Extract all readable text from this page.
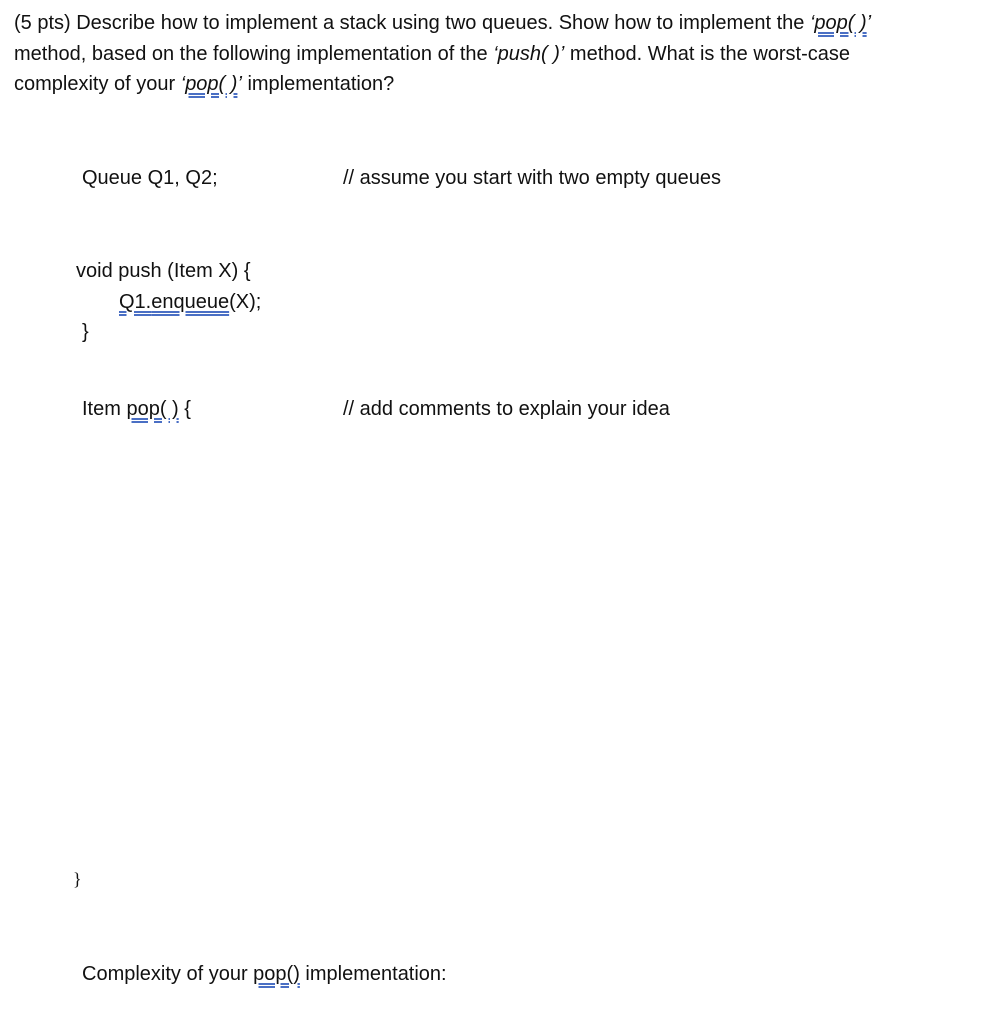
(5 pts) Describe how to implement a stack using two queues. Show how to implement the ‘pop( )’
method, based on the following implementation of the ‘push( )’ method. What is the worst-case
complexity of your ‘pop( )’ implementation?
Queue Q1, Q2;	// assume you start with two empty queues
void push (Item X) {
Q1.enqueue(X);
}
Item pop( ) {	// add comments to explain your idea
}
Complexity of your pop() implementation:
